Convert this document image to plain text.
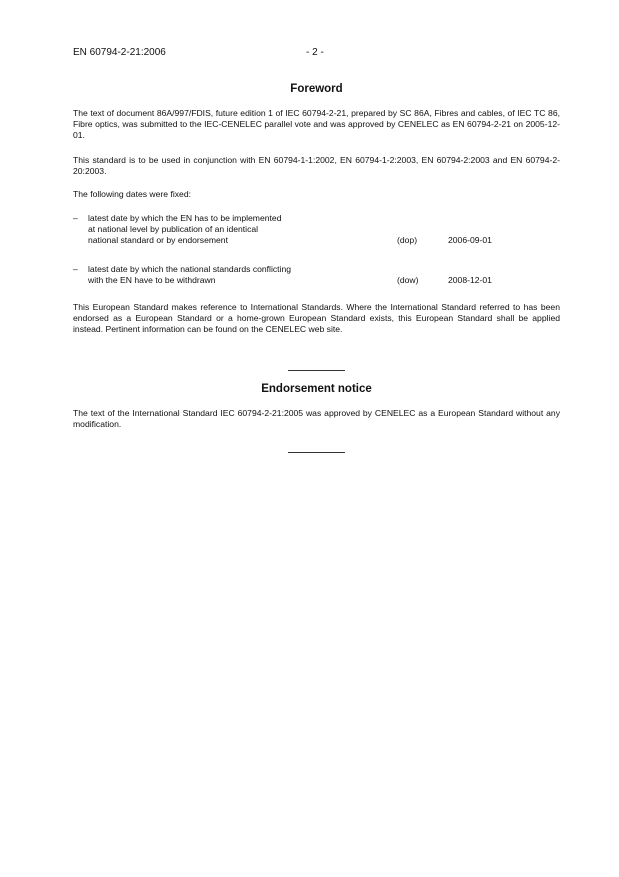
EN 60794-2-21:2006	- 2 -
Foreword

The text of document 86A/997/FDIS, future edition 1 of IEC 60794-2-21, prepared by SC 86A, Fibres and cables, of IEC TC 86, Fibre optics, was submitted to the IEC-CENELEC parallel vote and was approved by CENELEC as EN 60794-2-21 on 2005-12-01.

This standard is to be used in conjunction with EN 60794-1-1:2002, EN 60794-1-2:2003, EN 60794-2:2003 and EN 60794-2-20:2003.

The following dates were fixed:

– latest date by which the EN has to be implemented
at national level by publication of an identical
national standard or by endorsement	(dop)	2006-09-01
– latest date by which the national standards conflicting
with the EN have to be withdrawn	(dow)	2008-12-01

This European Standard makes reference to International Standards. Where the International Standard referred to has been endorsed as a European Standard or a home-grown European Standard exists, this European Standard shall be applied instead. Pertinent information can be found on the CENELEC web site.

Endorsement notice

The text of the International Standard IEC 60794-2-21:2005 was approved by CENELEC as a European Standard without any modification.
